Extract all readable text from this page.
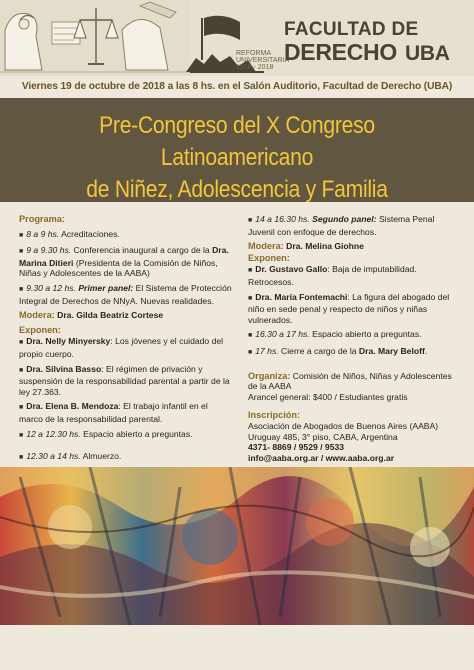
REFORMA
UNIVERSITARIA
1918 - 2018
FACULTAD DE
DERECHO UBA
Viernes 19 de octubre de 2018 a las 8 hs. en el Salón Auditorio, Facultad de Derecho (UBA)
Pre-Congreso del X Congreso Latinoamericano
de Niñez, Adolescencia y Familia

Programa:

■ 8 a 9 hs. Acreditaciones.

■ 9 a 9.30 hs. Conferencia inaugural a cargo de la Dra. Marina Ditieri (Presidenta de la Comisión de Niños, Niñas y Adolescentes de la AABA)

■ 9.30 a 12 hs. Primer panel: El Sistema de Protección Integral de Derechos de NNyA. Nuevas realidades.

Modera: Dra. Gilda Beatriz Cortese

Exponen:

■ Dra. Nelly Minyersky: Los jóvenes y el cuidado del propio cuerpo.

■ Dra. Silvina Basso: El régimen de privación y suspensión de la responsabilidad parental a partir de la ley 27.363.

■ Dra. Elena B. Mendoza: El trabajo infantil en el marco de la responsabilidad parental.

■ 12 a 12.30 hs. Espacio abierto a preguntas.

■ 12.30 a 14 hs. Almuerzo.

■ 14 a 16.30 hs. Segundo panel: Sistema Penal Juvenil con enfoque de derechos.

Modera: Dra. Melina Giohne

Exponen:

■ Dr. Gustavo Gallo: Baja de imputabilidad. Retrocesos.

■ Dra. María Fontemachi: La figura del abogado del niño en sede penal y respecto de niños y niñas vulnerados.

■ 16.30 a 17 hs. Espacio abierto a preguntas.

■ 17 hs. Cierre a cargo de la Dra. Mary Beloff.

Organiza: Comisión de Niños, Niñas y Adolescentes de la AABA

Arancel general: $400 / Estudiantes gratis

Inscripción:

Asociación de Abogados de Buenos Aires (AABA)
Uruguay 485, 3° piso, CABA, Argentina
4371- 8869 / 9529 / 9533
info@aaba.org.ar / www.aaba.org.ar
